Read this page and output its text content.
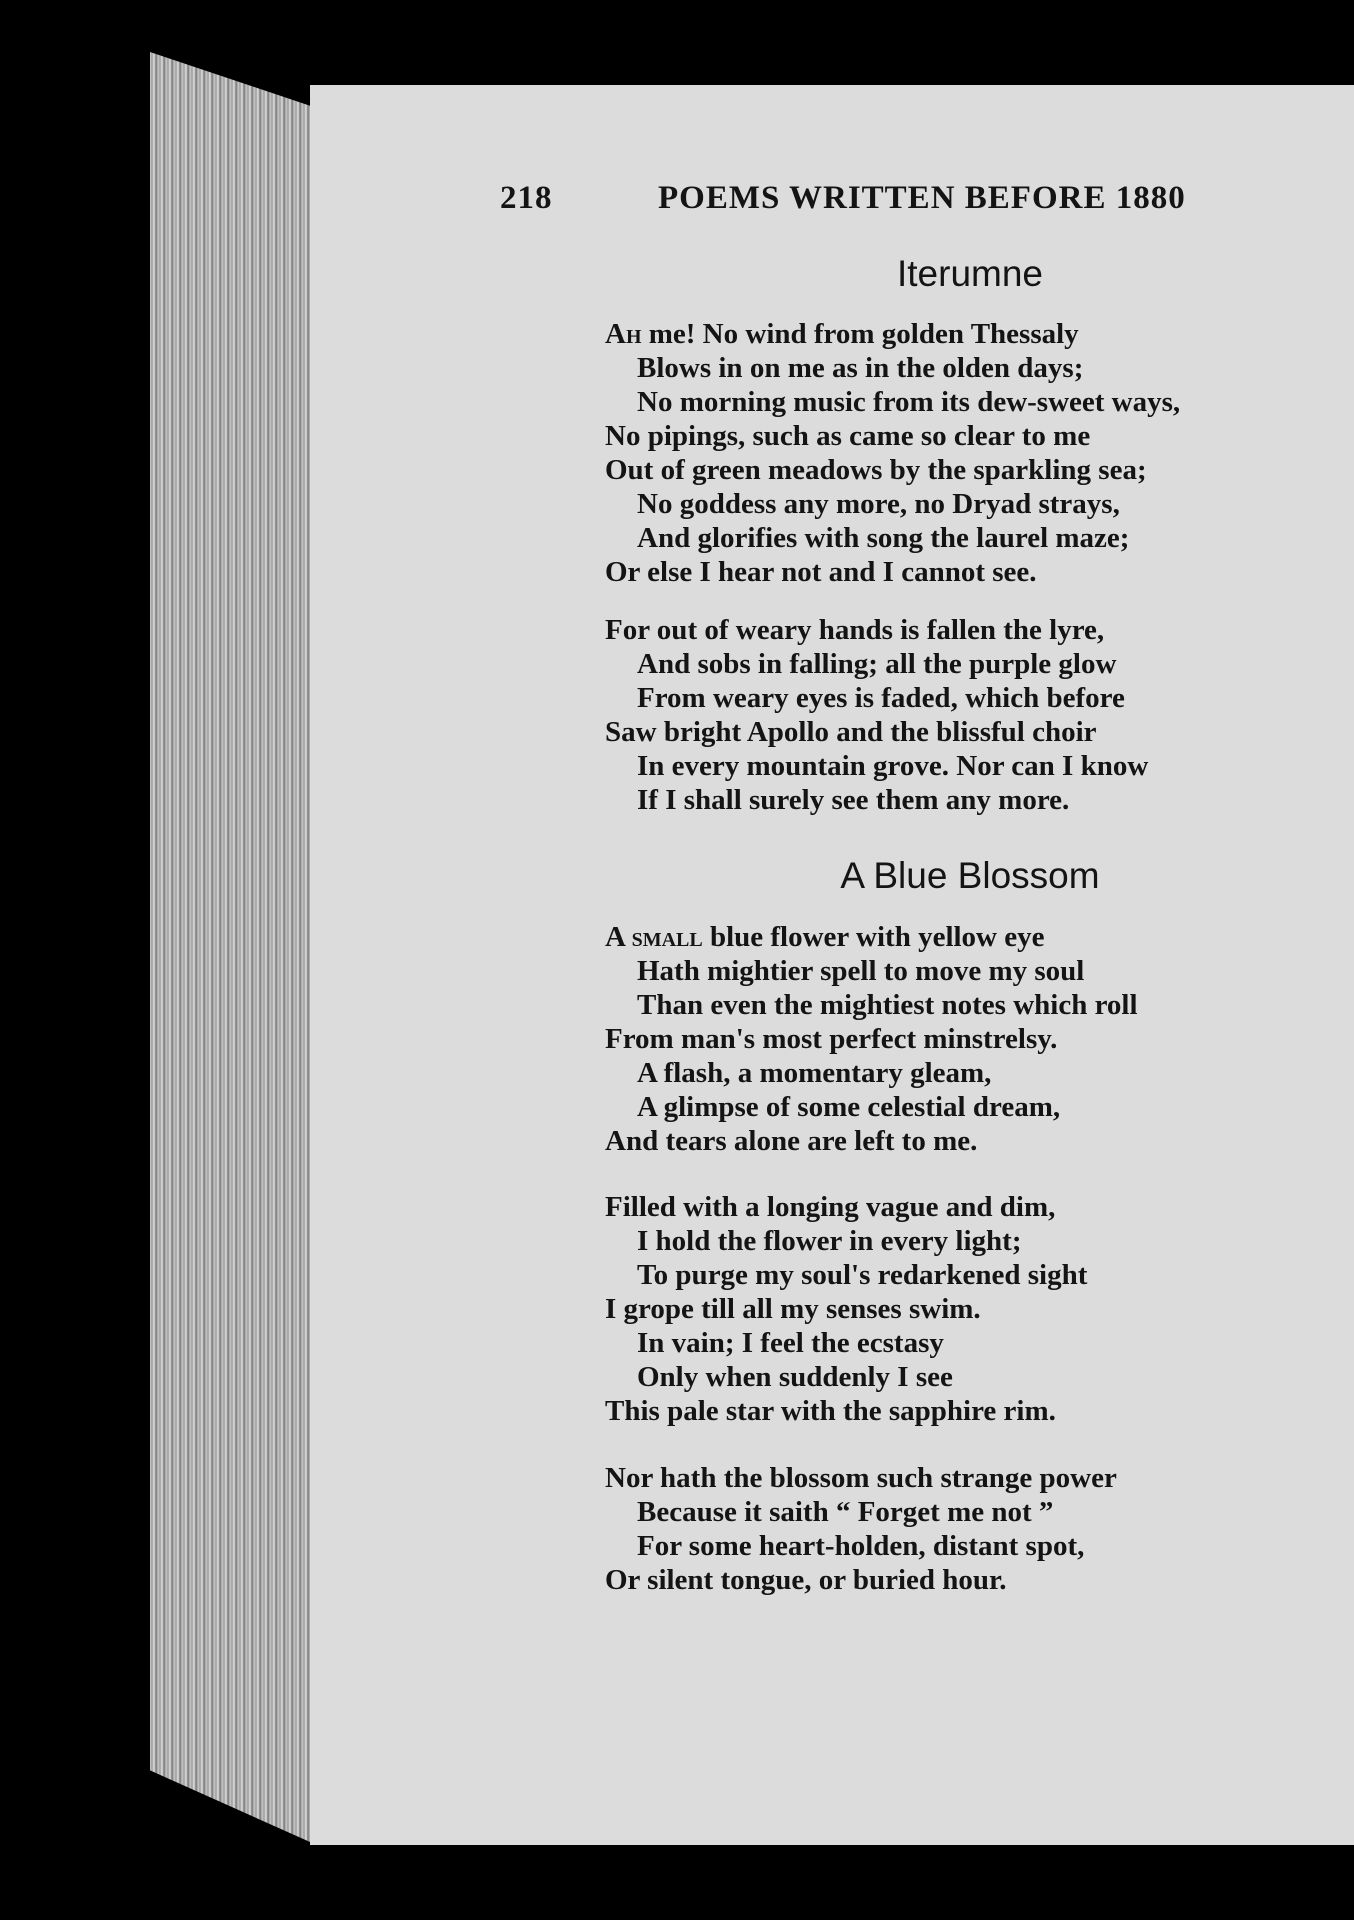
218	POEMS WRITTEN BEFORE 1880
Iterumne
Ah me! No wind from golden Thessaly
Blows in on me as in the olden days;
No morning music from its dew-sweet ways,
No pipings, such as came so clear to me
Out of green meadows by the sparkling sea;
No goddess any more, no Dryad strays,
And glorifies with song the laurel maze;
Or else I hear not and I cannot see.
For out of weary hands is fallen the lyre,
And sobs in falling; all the purple glow
From weary eyes is faded, which before
Saw bright Apollo and the blissful choir
In every mountain grove. Nor can I know
If I shall surely see them any more.
A Blue Blossom
A small blue flower with yellow eye
Hath mightier spell to move my soul
Than even the mightiest notes which roll
From man's most perfect minstrelsy.
A flash, a momentary gleam,
A glimpse of some celestial dream,
And tears alone are left to me.
Filled with a longing vague and dim,
I hold the flower in every light;
To purge my soul's redarkened sight
I grope till all my senses swim.
In vain; I feel the ecstasy
Only when suddenly I see
This pale star with the sapphire rim.
Nor hath the blossom such strange power
Because it saith “ Forget me not ”
For some heart-holden, distant spot,
Or silent tongue, or buried hour.
